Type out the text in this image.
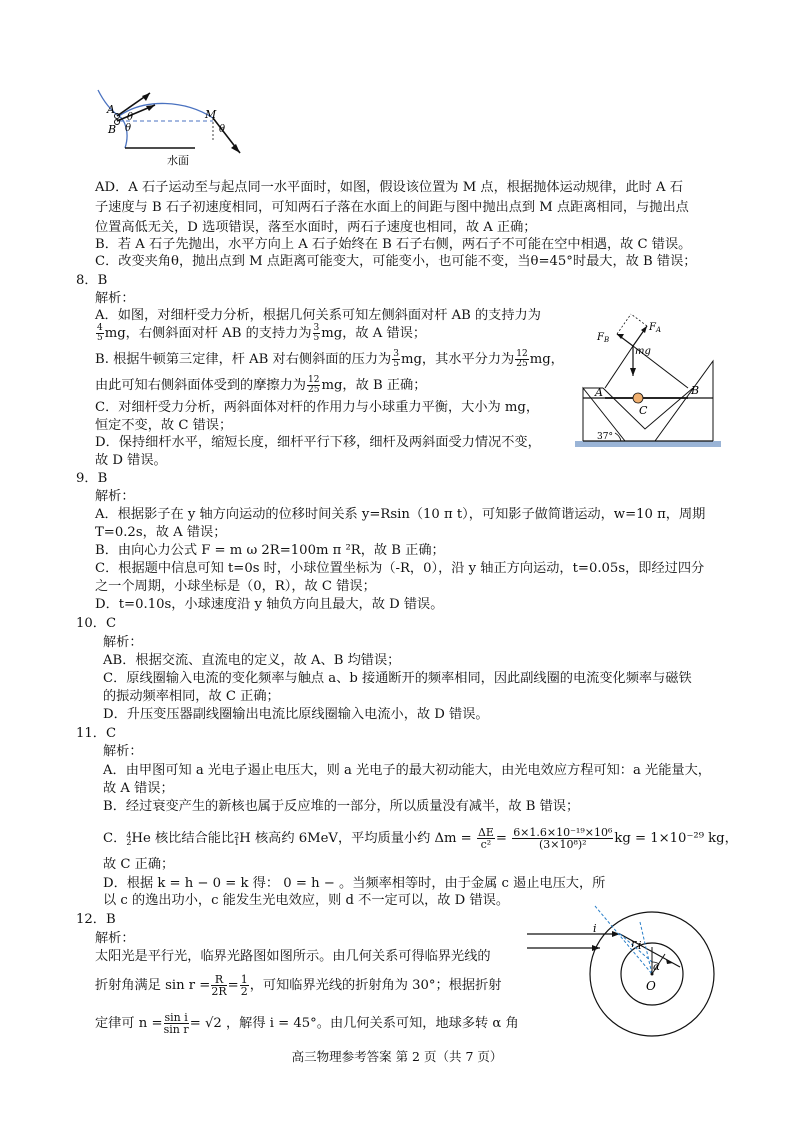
A
B
M
θ
θ	θ
水面
AD．A 石子运动至与起点同一水平面时，如图，假设该位置为 M 点，根据抛体运动规律，此时 A 石
子速度与 B 石子初速度相同，可知两石子落在水面上的间距与图中抛出点到 M 点距离相同，与抛出点
位置高低无关，D 选项错误，落至水面时，两石子速度也相同，故 A 正确；
B．若 A 石子先抛出，水平方向上 A 石子始终在 B 石子右侧，两石子不可能在空中相遇，故 C 错误。
C．改变夹角θ，抛出点到 M 点距离可能变大，可能变小，也可能不变，当θ=45°时最大，故 B 错误；
8．B
解析：
A．如图，对细杆受力分析，根据几何关系可知左侧斜面对杆 AB 的支持力为
$\frac{4}{5}$ mg，右侧斜面对杆 AB 的支持力为 $\frac{3}{5}$ mg，故 A 错误；
B. 根据牛顿第三定律，杆 AB 对右侧斜面的压力为 $\frac{3}{5}$ mg，其水平分力为 $\frac{12}{25}$ mg，
由此可知右侧斜面体受到的摩擦力为 $\frac{12}{25}$ mg，故 B 正确；
C．对细杆受力分析，两斜面体对杆的作用力与小球重力平衡，大小为 mg，
恒定不变，故 C 错误；
D．保持细杆水平，缩短长度，细杆平行下移，细杆及两斜面受力情况不变，
故 D 错误。
$F_B$
$F_A$
mg
A	B
C
37°
9．B
解析：
A．根据影子在 y 轴方向运动的位移时间关系 y=Rsin（10 π t），可知影子做简谐运动，w=10 π，周期
T=0.2s，故 A 错误；
B．由向心力公式 F = m ω 2R=100m π ²R，故 B 正确；
C．根据题中信息可知 t=0s 时，小球位置坐标为（-R，0），沿 y 轴正方向运动，t=0.05s，即经过四分
之一个周期，小球坐标是（0，R），故 C 错误；
D．t=0.10s，小球速度沿 y 轴负方向且最大，故 D 错误。
10．C
解析：
AB．根据交流、直流电的定义，故 A、B 均错误；
C．原线圈输入电流的变化频率与触点 a、b 接通断开的频率相同，因此副线圈的电流变化频率与磁铁
的振动频率相同，故 C 正确；
D．升压变压器副线圈输出电流比原线圈输入电流小，故 D 错误。
11．C
解析：
A．由甲图可知 a 光电子遏止电压大，则 a 光电子的最大初动能大，由光电效应方程可知：a 光能量大，
故 A 错误；
B．经过衰变产生的新核也属于反应堆的一部分，所以质量没有减半，故 B 错误；
C．$^4_2$He 核比结合能比$^2_1$H 核高约 6MeV，平均质量小约 $\Delta m = \frac{\Delta E}{\text{c²}} = \frac{\text{6×1.6×10⁻¹⁹×10⁶}}{\text{(3×10⁸)²}}$ kg = 1×10⁻²⁹ kg，
故 C 正确；
D．根据 k = h − 0 = k 得： 0 = h − 。当频率相等时，由于金属 c 遏止电压大，所
以 c 的逸出功小，c 能发生光电效应，则 d 不一定可以，故 D 错误。
12．B
解析：
太阳光是平行光，临界光路图如图所示。由几何关系可得临界光线的
折射角满足 $\sin r = \frac{R}{2R} = \frac{1}{2}$ ，可知临界光线的折射角为 30°；根据折射
定律可 $n = \frac{\text{sin i}}{\text{sin r}} = √2$ ，解得 i = 45°。由几何关系可知，地球多转 α 角
i
i
r
α
O
高三物理参考答案 第 2 页（共 7 页）
